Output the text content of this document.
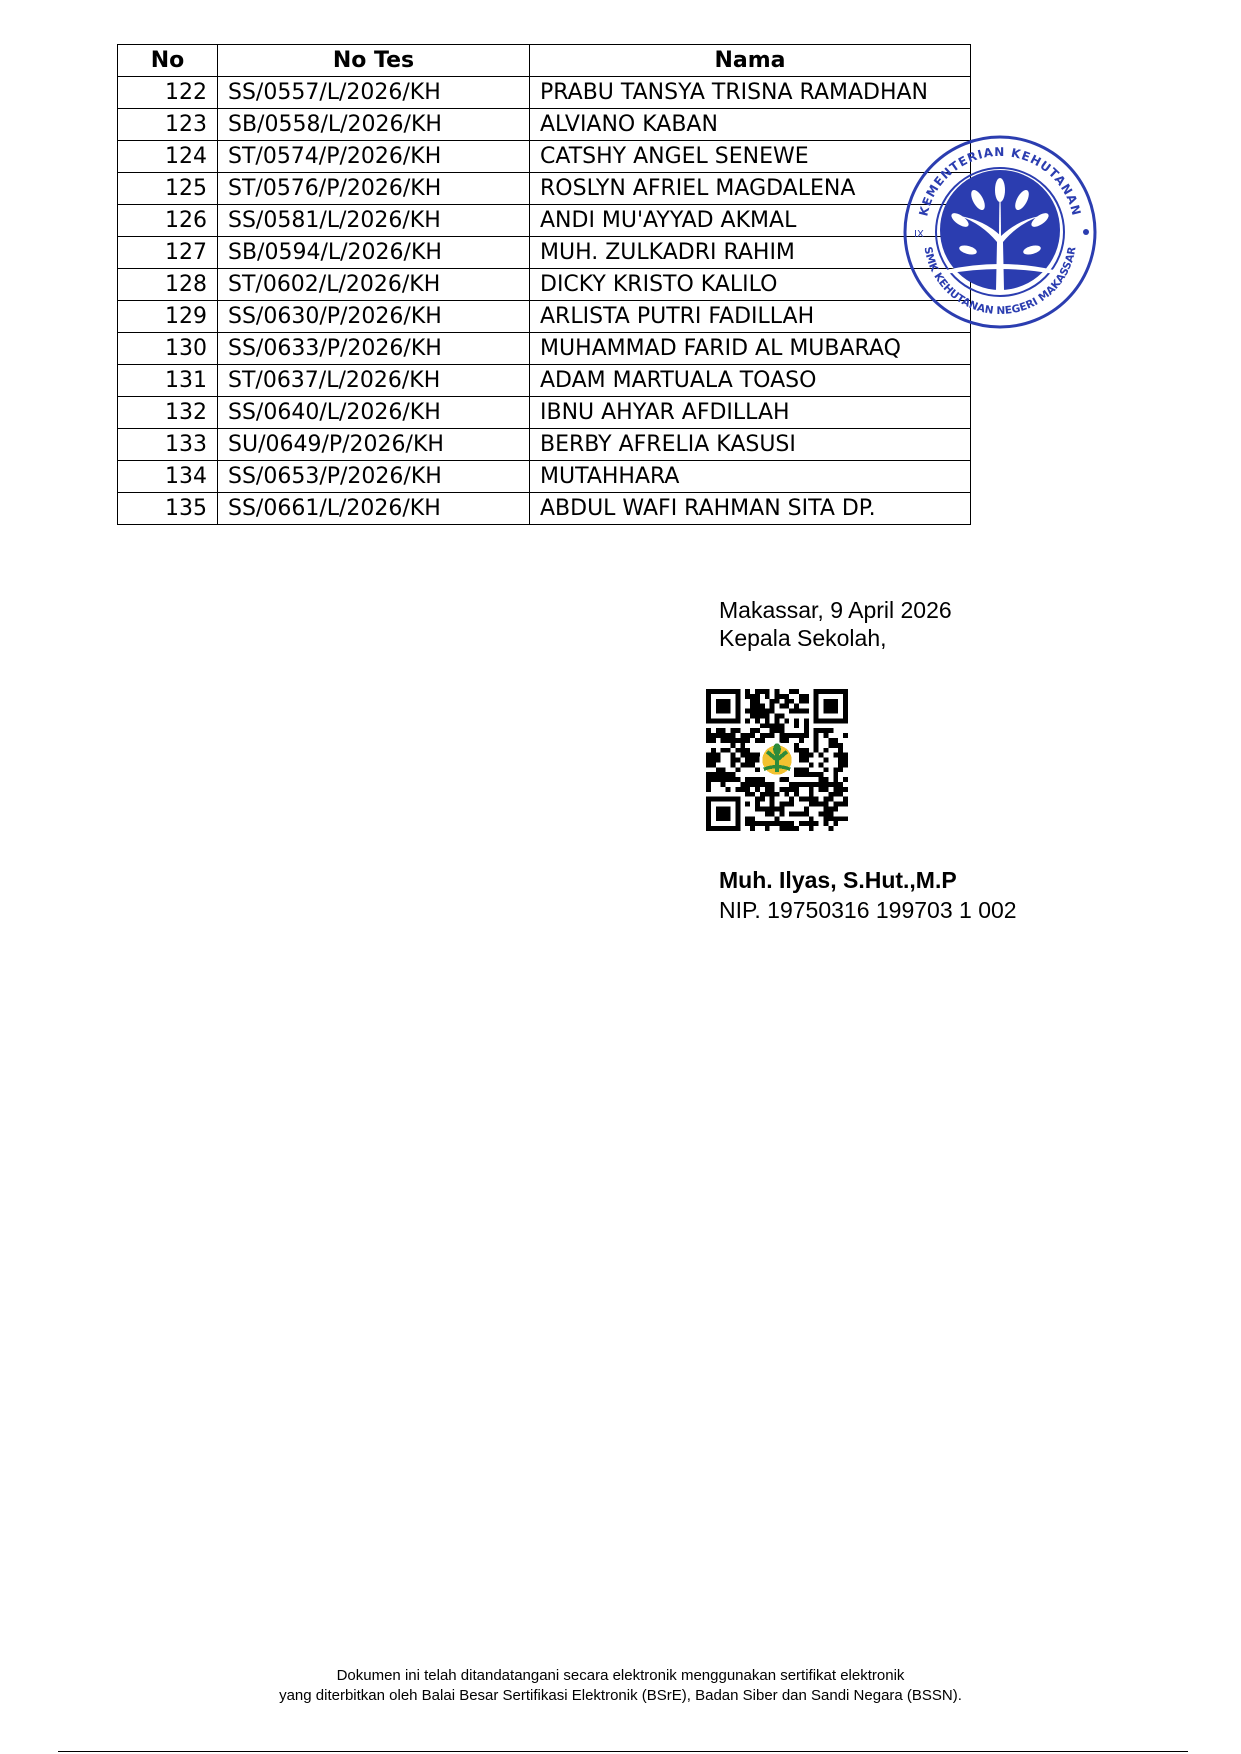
No	No Tes	Nama
122	SS/0557/L/2026/KH	PRABU TANSYA TRISNA RAMADHAN
123	SB/0558/L/2026/KH	ALVIANO KABAN
124	ST/0574/P/2026/KH	CATSHY ANGEL SENEWE
125	ST/0576/P/2026/KH	ROSLYN AFRIEL MAGDALENA
126	SS/0581/L/2026/KH	ANDI MU'AYYAD AKMAL
127	SB/0594/L/2026/KH	MUH. ZULKADRI RAHIM
128	ST/0602/L/2026/KH	DICKY KRISTO KALILO
129	SS/0630/P/2026/KH	ARLISTA PUTRI FADILLAH
130	SS/0633/P/2026/KH	MUHAMMAD FARID AL MUBARAQ
131	ST/0637/L/2026/KH	ADAM MARTUALA TOASO
132	SS/0640/L/2026/KH	IBNU AHYAR AFDILLAH
133	SU/0649/P/2026/KH	BERBY AFRELIA KASUSI
134	SS/0653/P/2026/KH	MUTAHHARA
135	SS/0661/L/2026/KH	ABDUL WAFI RAHMAN SITA DP.
KEMENTERIAN KEHUTANAN
SMK KEHUTANAN NEGERI MAKASSAR
IX
Makassar, 9 April 2026
Kepala Sekolah,
Muh. Ilyas, S.Hut.,M.P
NIP. 19750316 199703 1 002
Dokumen ini telah ditandatangani secara elektronik menggunakan sertifikat elektronik
yang diterbitkan oleh Balai Besar Sertifikasi Elektronik (BSrE), Badan Siber dan Sandi Negara (BSSN).
